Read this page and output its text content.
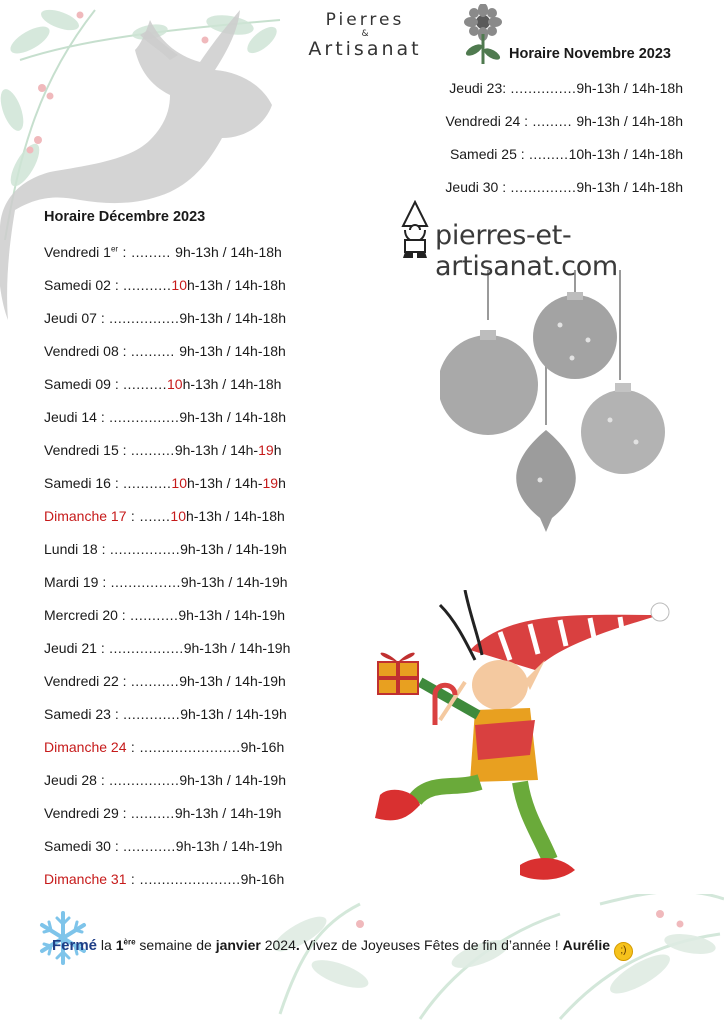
Pierres
&
Artisanat	Horaire Novembre 2023
Jeudi 23: ...............9h-13h / 14h-18h
Vendredi 24 : ......... 9h-13h / 14h-18h
Samedi 25 : .........10h-13h / 14h-18h
Jeudi 30 : ...............9h-13h / 14h-18h
pierres-et-artisanat.com
Horaire Décembre 2023
Vendredi 1er : ......... 9h-13h / 14h-18h
Samedi 02 : ...........10h-13h / 14h-18h
Jeudi 07 : ................9h-13h / 14h-18h
Vendredi 08 : .......... 9h-13h / 14h-18h
Samedi 09 : ..........10h-13h / 14h-18h
Jeudi 14 : ................9h-13h / 14h-18h
Vendredi 15 : ..........9h-13h / 14h-19h
Samedi 16 : ...........10h-13h / 14h-19h
Dimanche 17 : .......10h-13h / 14h-18h
Lundi 18 : ................9h-13h / 14h-19h
Mardi 19 : ................9h-13h / 14h-19h
Mercredi 20 : ...........9h-13h / 14h-19h
Jeudi 21 : .................9h-13h / 14h-19h
Vendredi 22 : ...........9h-13h / 14h-19h
Samedi 23 : .............9h-13h / 14h-19h
Dimanche 24 : .......................9h-16h
Jeudi 28 : ................9h-13h / 14h-19h
Vendredi 29 : ..........9h-13h / 14h-19h
Samedi 30 : ............9h-13h / 14h-19h
Dimanche 31 : .......................9h-16h
Fermé la 1ère semaine de janvier 2024. Vivez de Joyeuses Fêtes de fin d’année ! Aurélie ;)
